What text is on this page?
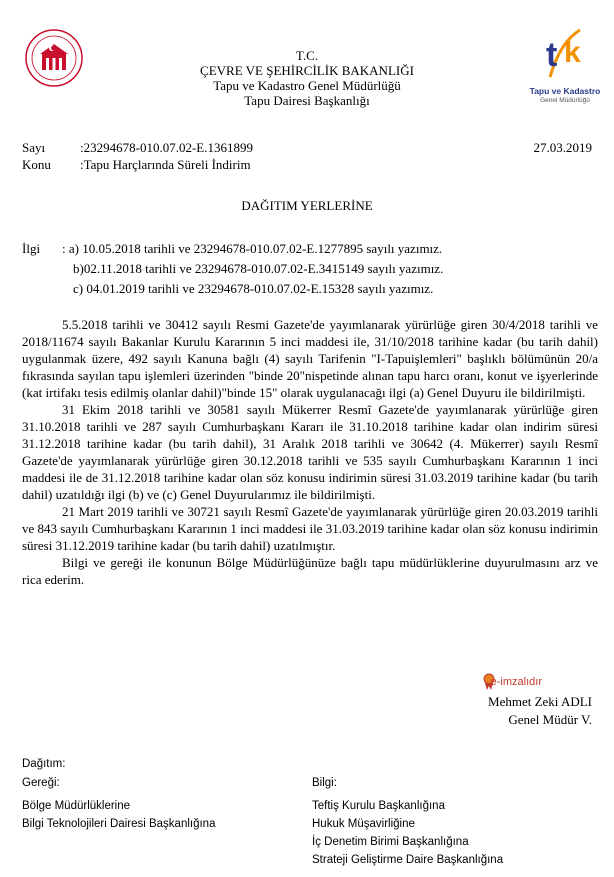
t k
Tapu ve Kadastro
Genel Müdürlüğü
T.C.
ÇEVRE VE ŞEHİRCİLİK BAKANLIĞI
Tapu ve Kadastro Genel Müdürlüğü
Tapu Dairesi Başkanlığı
Sayı	:23294678-010.07.02-E.1361899	27.03.2019
Konu :Tapu Harçlarında Süreli İndirim
DAĞITIM YERLERİNE
İlgi : a) 10.05.2018 tarihli ve 23294678-010.07.02-E.1277895 sayılı yazımız.
b)02.11.2018 tarihli ve 23294678-010.07.02-E.3415149 sayılı yazımız.
c) 04.01.2019 tarihli ve 23294678-010.07.02-E.15328 sayılı yazımız.

5.5.2018 tarihli ve 30412 sayılı Resmi Gazete'de yayımlanarak yürürlüğe giren 30/4/2018 tarihli ve 2018/11674 sayılı Bakanlar Kurulu Kararının 5 inci maddesi ile, 31/10/2018 tarihine kadar (bu tarih dahil) uygulanmak üzere, 492 sayılı Kanuna bağlı (4) sayılı Tarifenin "I-Tapuişlemleri" başlıklı bölümünün 20/a fıkrasında sayılan tapu işlemleri üzerinden "binde 20"nispetinde alınan tapu harcı oranı, konut ve işyerlerinde (kat irtifakı tesis edilmiş olanlar dahil)"binde 15" olarak uygulanacağı ilgi (a) Genel Duyuru ile bildirilmişti.

31 Ekim 2018 tarihli ve 30581 sayılı Mükerrer Resmî Gazete'de yayımlanarak yürürlüğe giren 31.10.2018 tarihli ve 287 sayılı Cumhurbaşkanı Kararı ile 31.10.2018 tarihine kadar olan indirim süresi 31.12.2018 tarihine kadar (bu tarih dahil), 31 Aralık 2018 tarihli ve 30642 (4. Mükerrer) sayılı Resmî Gazete'de yayımlanarak yürürlüğe giren 30.12.2018 tarihli ve 535 sayılı Cumhurbaşkanı Kararının 1 inci maddesi ile de 31.12.2018 tarihine kadar olan söz konusu indirimin süresi 31.03.2019 tarihine kadar (bu tarih dahil) uzatıldığı ilgi (b) ve (c) Genel Duyurularımız ile bildirilmişti.

21 Mart 2019 tarihli ve 30721 sayılı Resmî Gazete'de yayımlanarak yürürlüğe giren 20.03.2019 tarihli ve 843 sayılı Cumhurbaşkanı Kararının 1 inci maddesi ile 31.03.2019 tarihine kadar olan söz konusu indirimin süresi 31.12.2019 tarihine kadar (bu tarih dahil) uzatılmıştır.

Bilgi ve gereği ile konunun Bölge Müdürlüğünüze bağlı tapu müdürlüklerine duyurulmasını arz ve rica ederim.

e-imzalıdır
Mehmet Zeki ADLI
Genel Müdür V.
Dağıtım:
Gereği:
Bölge Müdürlüklerine
Bilgi Teknolojileri Dairesi Başkanlığına
Bilgi:
Teftiş Kurulu Başkanlığına
Hukuk Müşavirliğine
İç Denetim Birimi Başkanlığına
Strateji Geliştirme Daire Başkanlığına
